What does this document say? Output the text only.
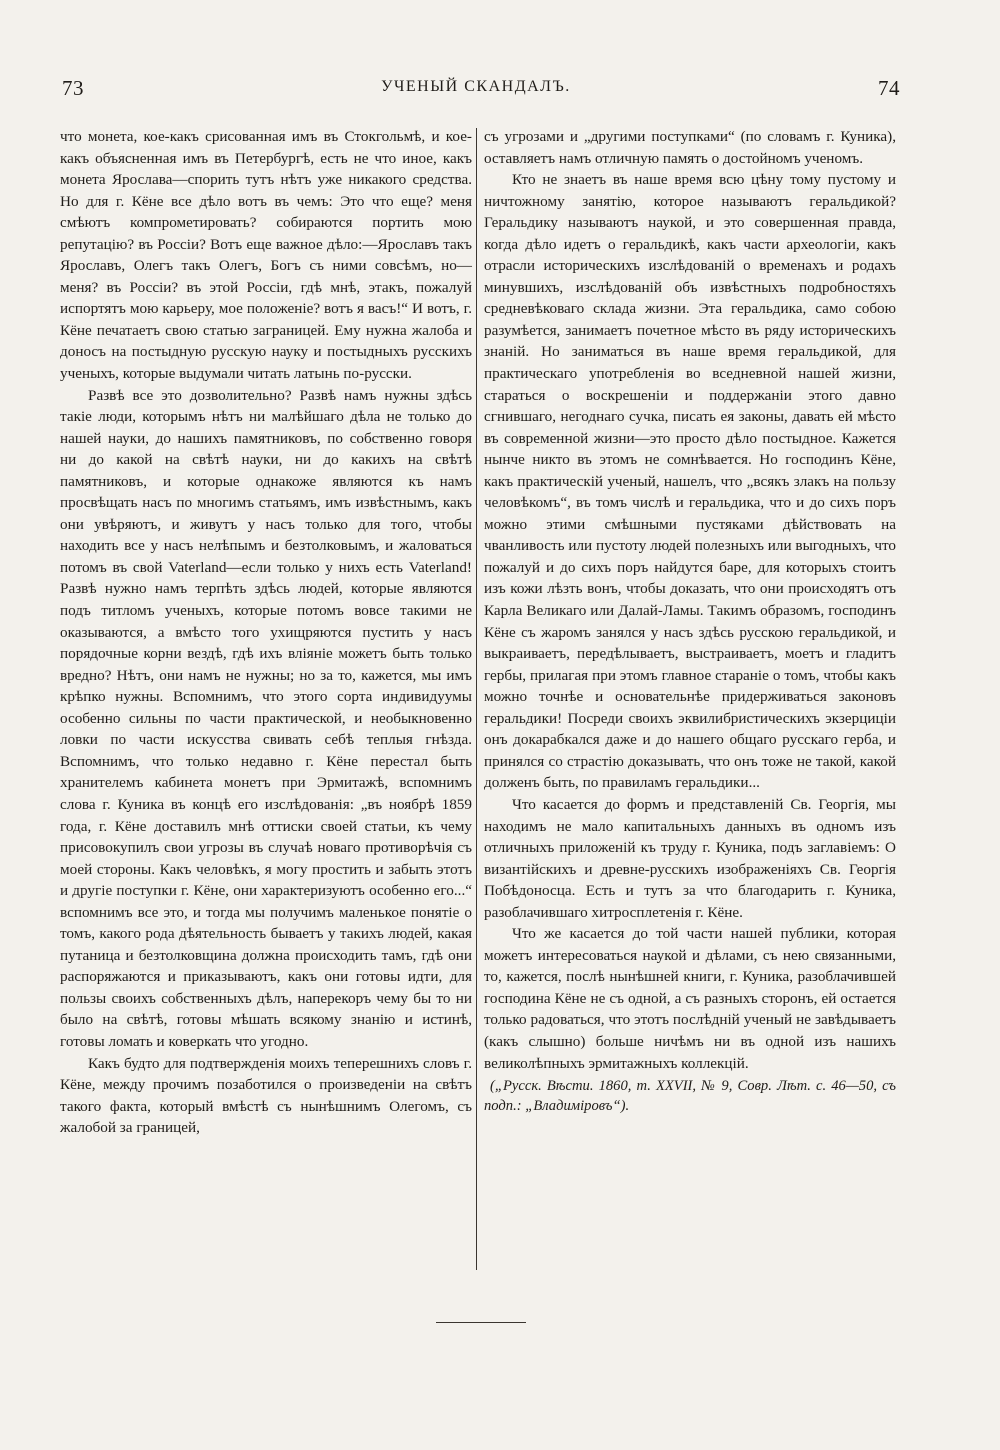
73	УЧЕНЫЙ СКАНДАЛЪ.	74

что монета, кое-какъ срисованная имъ въ Стокгольмѣ, и кое-какъ объясненная имъ въ Петербургѣ, есть не что иное, какъ монета Ярослава—спорить тутъ нѣтъ уже никакого средства. Но для г. Кёне все дѣло вотъ въ чемъ: Это что еще? меня смѣютъ компрометировать? собираются портить мою репутацію? въ Россіи? Вотъ еще важное дѣло:—Ярославъ такъ Ярославъ, Олегъ такъ Олегъ, Богъ съ ними совсѣмъ, но—меня? въ Россіи? въ этой Россіи, гдѣ мнѣ, этакъ, пожалуй испортятъ мою карьеру, мое положеніе? вотъ я васъ!“ И вотъ, г. Кёне печатаетъ свою статью заграницей. Ему нужна жалоба и доносъ на постыдную русскую науку и постыдныхъ русскихъ ученыхъ, которые выдумали читать латынь по-русски.

Развѣ все это дозволительно? Развѣ намъ нужны здѣсь такіе люди, которымъ нѣтъ ни малѣйшаго дѣла не только до нашей науки, до нашихъ памятниковъ, по собственно говоря ни до какой на свѣтѣ науки, ни до какихъ на свѣтѣ памятниковъ, и которые однакоже являются къ намъ просвѣщать насъ по многимъ статьямъ, имъ извѣстнымъ, какъ они увѣряютъ, и живутъ у насъ только для того, чтобы находить все у насъ нелѣпымъ и безтолковымъ, и жаловаться потомъ въ свой Vaterland—если только у нихъ есть Vaterland! Развѣ нужно намъ терпѣть здѣсь людей, которые являются подъ титломъ ученыхъ, которые потомъ вовсе такими не оказываются, а вмѣсто того ухищряются пустить у насъ порядочные корни вездѣ, гдѣ ихъ вліяніе можетъ быть только вредно? Нѣтъ, они намъ не нужны; но за то, кажется, мы имъ крѣпко нужны. Вспомнимъ, что этого сорта индивидуумы особенно сильны по части практической, и необыкновенно ловки по части искусства свивать себѣ теплыя гнѣзда. Вспомнимъ, что только недавно г. Кёне перестал быть хранителемъ кабинета монетъ при Эрмитажѣ, вспомнимъ слова г. Куника въ концѣ его изслѣдованія: „въ ноябрѣ 1859 года, г. Кёне доставилъ мнѣ оттиски своей статьи, къ чему присовокупилъ свои угрозы въ случаѣ новаго противорѣчія съ моей стороны. Какъ человѣкъ, я могу простить и забыть этотъ и другіе поступки г. Кёне, они характеризуютъ особенно его...“ вспомнимъ все это, и тогда мы получимъ маленькое понятіе о томъ, какого рода дѣятельность бываетъ у такихъ людей, какая путаница и безтолковщина должна происходить тамъ, гдѣ они распоряжаются и приказываютъ, какъ они готовы идти, для пользы своихъ собственныхъ дѣлъ, наперекоръ чему бы то ни было на свѣтѣ, готовы мѣшать всякому знанію и истинѣ, готовы ломать и коверкать что угодно.

Какъ будто для подтвержденія моихъ теперешнихъ словъ г. Кёне, между прочимъ позаботился о произведеніи на свѣтъ такого факта, который вмѣстѣ съ нынѣшнимъ Олегомъ, съ жалобой за границей,

съ угрозами и „другими поступками“ (по словамъ г. Куника), оставляетъ намъ отличную память о достойномъ ученомъ.

Кто не знаетъ въ наше время всю цѣну тому пустому и ничтожному занятію, которое называютъ геральдикой? Геральдику называютъ наукой, и это совершенная правда, когда дѣло идетъ о геральдикѣ, какъ части археологіи, какъ отрасли историческихъ изслѣдованій о временахъ и родахъ минувшихъ, изслѣдованій объ извѣстныхъ подробностяхъ средневѣковаго склада жизни. Эта геральдика, само собою разумѣется, занимаетъ почетное мѣсто въ ряду историческихъ знаній. Но заниматься въ наше время геральдикой, для практическаго употребленія во вседневной нашей жизни, стараться о воскрешеніи и поддержаніи этого давно сгнившаго, негоднаго сучка, писать ея законы, давать ей мѣсто въ современной жизни—это просто дѣло постыдное. Кажется нынче никто въ этомъ не сомнѣвается. Но господинъ Кёне, какъ практическій ученый, нашелъ, что „всякъ злакъ на пользу человѣкомъ“, въ томъ числѣ и геральдика, что и до сихъ поръ можно этими смѣшными пустяками дѣйствовать на чванливость или пустоту людей полезныхъ или выгодныхъ, что пожалуй и до сихъ поръ найдутся баре, для которыхъ стоитъ изъ кожи лѣзть вонъ, чтобы доказать, что они происходятъ отъ Карла Великаго или Далай-Ламы. Такимъ образомъ, господинъ Кёне съ жаромъ занялся у насъ здѣсь русскою геральдикой, и выкраиваетъ, передѣлываетъ, выстраиваетъ, моетъ и гладитъ гербы, прилагая при этомъ главное стараніе о томъ, чтобы какъ можно точнѣе и основательнѣе придерживаться законовъ геральдики! Посреди своихъ эквилибристическихъ экзерциціи онъ докарабкался даже и до нашего общаго русскаго герба, и принялся со страстію доказывать, что онъ тоже не такой, какой долженъ быть, по правиламъ геральдики...

Что касается до формъ и представленій Св. Георгія, мы находимъ не мало капитальныхъ данныхъ въ одномъ изъ отличныхъ приложеній къ труду г. Куника, подъ заглавіемъ: О византійскихъ и древне-русскихъ изображеніяхъ Св. Георгія Побѣдоносца. Есть и тутъ за что благодарить г. Куника, разоблачившаго хитросплетенія г. Кёне.

Что же касается до той части нашей публики, которая можетъ интересоваться наукой и дѣлами, съ нею связанными, то, кажется, послѣ нынѣшней книги, г. Куника, разоблачившей господина Кёне не съ одной, а съ разныхъ сторонъ, ей остается только радоваться, что этотъ послѣдній ученый не завѣдываетъ (какъ слышно) больше ничѣмъ ни въ одной изъ нашихъ великолѣпныхъ эрмитажныхъ коллекцій.

(„Русск. Вѣсти. 1860, т. XXVII, № 9, Совр. Лѣт. с. 46—50, съ подп.: „Владиміровъ“).
